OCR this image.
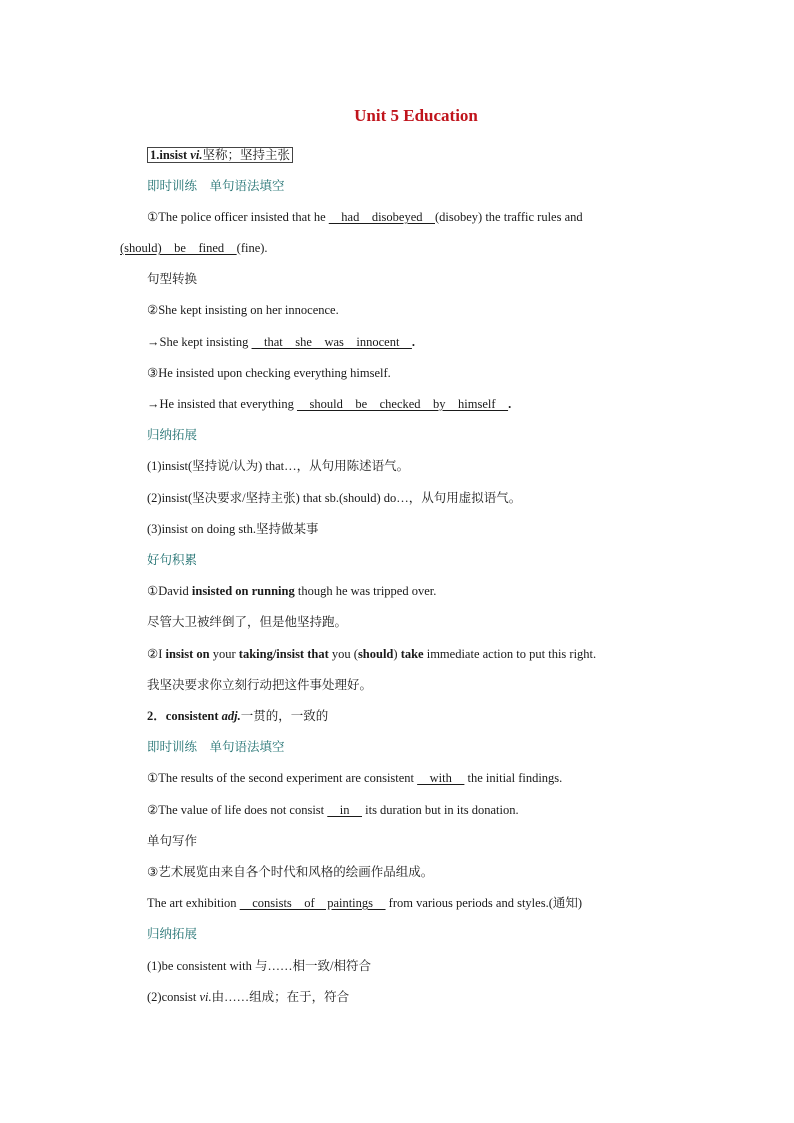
Unit 5 Education
1.insist vi.坚称；坚持主张
即时训练　单句语法填空
①The police officer insisted that he 　had　disobeyed　(disobey) the traffic rules and
(should)　be　fined　(fine).
句型转换
②She kept insisting on her innocence.
→She kept insisting 　that　she　was　innocent　.
③He insisted upon checking everything himself.
→He insisted that everything 　should　be　checked　by　himself　.
归纳拓展
(1)insist(坚持说/认为) that…，从句用陈述语气。
(2)insist(坚决要求/坚持主张) that sb.(should) do…，从句用虚拟语气。
(3)insist on doing sth.坚持做某事
好句积累
①David insisted on running though he was tripped over.
尽管大卫被绊倒了，但是他坚持跑。
②I insist on your taking/insist that you (should) take immediate action to put this right.
我坚决要求你立刻行动把这件事处理好。
2．consistent adj.一贯的，一致的
即时训练　单句语法填空
①The results of the second experiment are consistent 　with　 the initial findings.
②The value of life does not consist 　in　 its duration but in its donation.
单句写作
③艺术展览由来自各个时代和风格的绘画作品组成。
The art exhibition 　consists　of　paintings　 from various periods and styles.(通知)
归纳拓展
(1)be consistent with 与……相一致/相符合
(2)consist vi.由……组成；在于，符合
